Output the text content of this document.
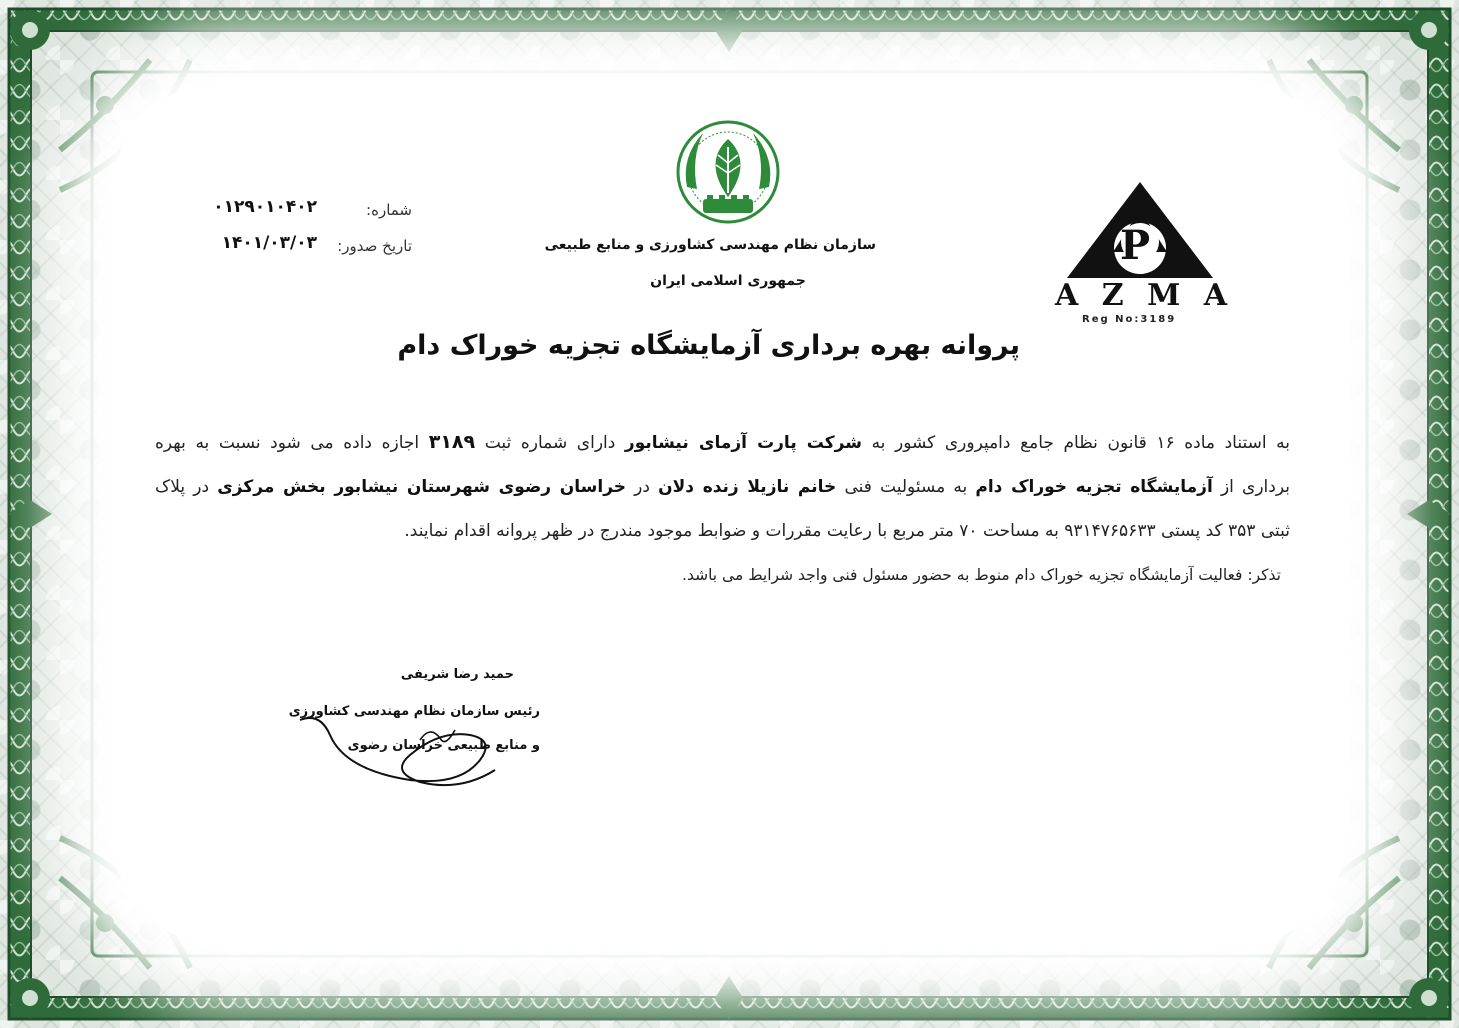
سازمان نظام مهندسی کشاورزی و منابع طبیعی
جمهوری اسلامی ایران
شماره:
۰۱۲۹۰۱۰۴۰۲
تاریخ صدور:
۱۴۰۱/۰۳/۰۳	P
A Z M A
Reg No:3189
پروانه بهره برداری آزمایشگاه تجزیه خوراک دام
به استناد ماده ۱۶ قانون نظام جامع دامپروری کشور به شرکت پارت آزمای نیشابور دارای شماره ثبت ۳۱۸۹ اجازه داده می شود نسبت به بهره
برداری از آزمایشگاه تجزیه خوراک دام به مسئولیت فنی خانم نازیلا زنده دلان در خراسان رضوی شهرستان نیشابور بخش مرکزی در پلاک
ثبتی ۳۵۳ کد پستی ۹۳۱۴۷۶۵۶۳۳ به مساحت ۷۰ متر مربع با رعایت مقررات و ضوابط موجود مندرج در ظهر پروانه اقدام نمایند.
تذکر: فعالیت آزمایشگاه تجزیه خوراک دام منوط به حضور مسئول فنی واجد شرایط می باشد.
حمید رضا شریفی
رئیس سازمان نظام مهندسی کشاورزی
و منابع طبیعی خراسان رضوی
